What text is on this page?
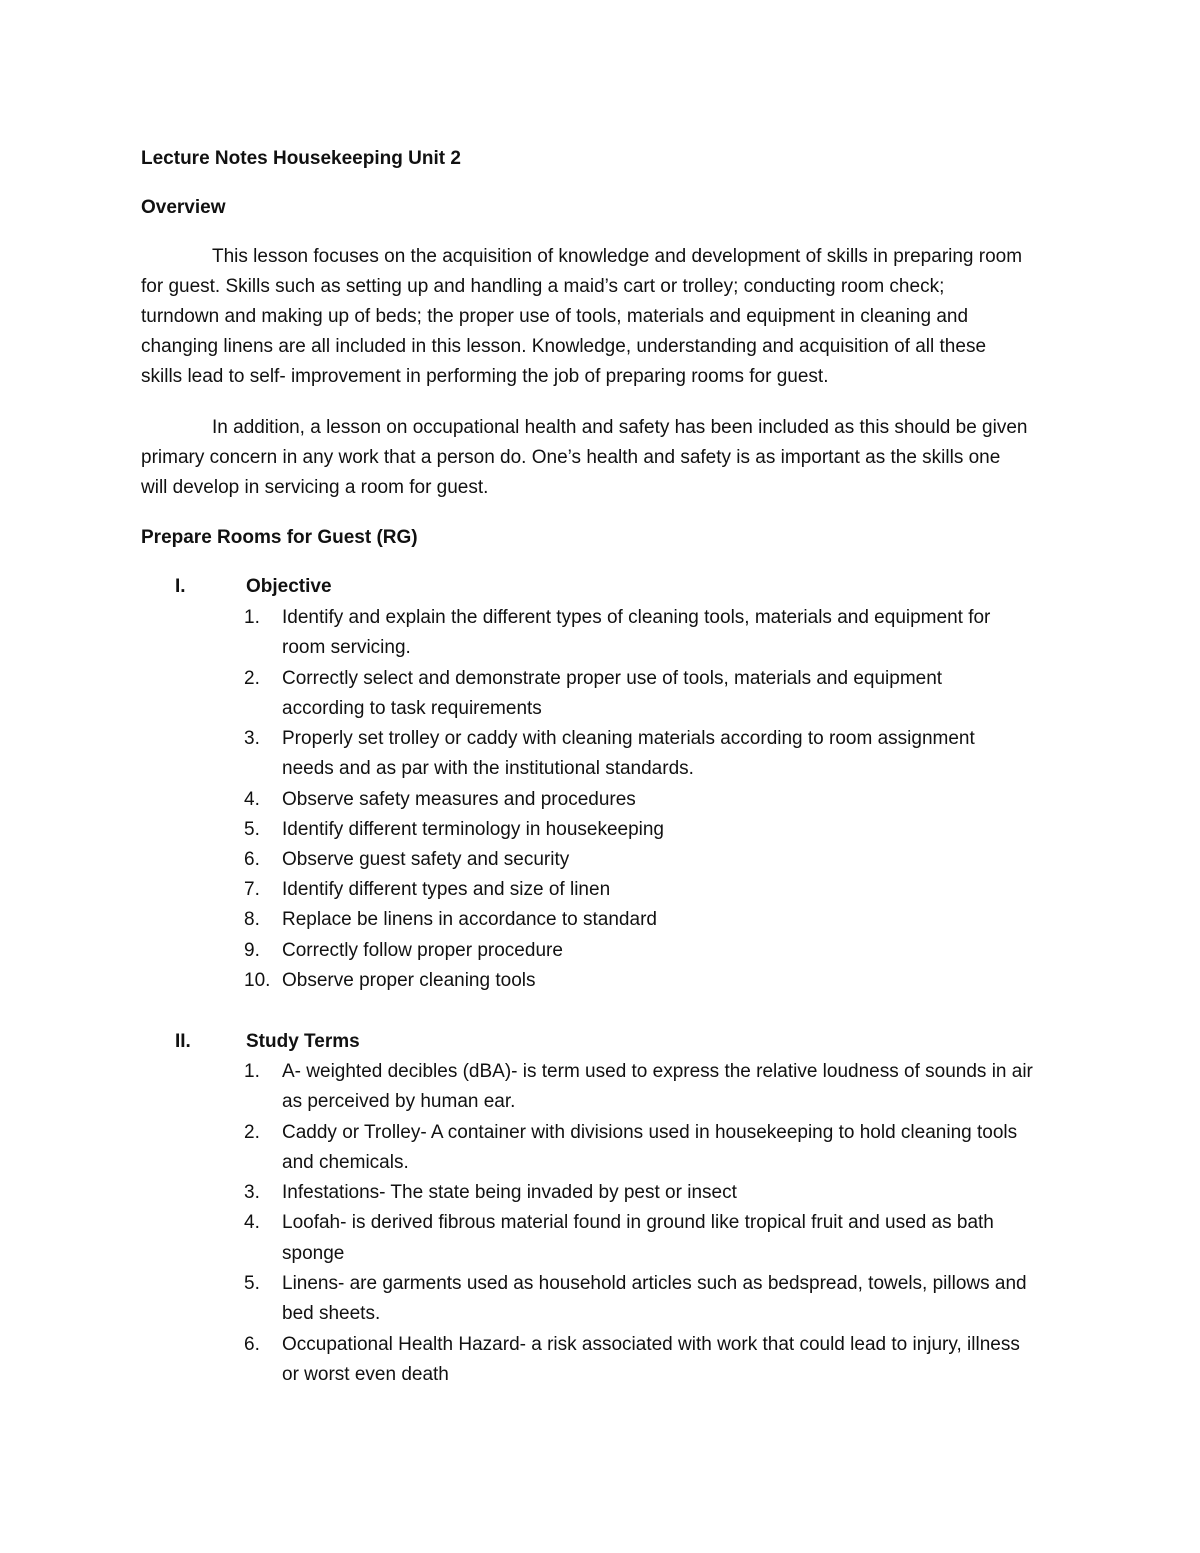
Lecture Notes Housekeeping Unit 2
Overview
This lesson focuses on the acquisition of knowledge and development of skills in preparing room
for guest. Skills such as setting up and handling a maid’s cart or trolley; conducting room check;
turndown and making up of beds; the proper use of tools, materials and equipment in cleaning and
changing linens are all included in this lesson. Knowledge, understanding and acquisition of all these
skills lead to self- improvement in performing the job of preparing rooms for guest.
In addition, a lesson on occupational health and safety has been included as this should be given
primary concern in any work that a person do. One’s health and safety is as important as the skills one
will develop in servicing a room for guest.
Prepare Rooms for Guest (RG)
I.	Objective
1. Identify and explain the different types of cleaning tools, materials and equipment for
room servicing.
2. Correctly select and demonstrate proper use of tools, materials and equipment
according to task requirements
3. Properly set trolley or caddy with cleaning materials according to room assignment
needs and as par with the institutional standards.
4. Observe safety measures and procedures
5. Identify different terminology in housekeeping
6. Observe guest safety and security
7. Identify different types and size of linen
8. Replace be linens in accordance to standard
9. Correctly follow proper procedure
10. Observe proper cleaning tools
II.	Study Terms
1. A- weighted decibles (dBA)- is term used to express the relative loudness of sounds in air
as perceived by human ear.
2. Caddy or Trolley- A container with divisions used in housekeeping to hold cleaning tools
and chemicals.
3. Infestations- The state being invaded by pest or insect
4. Loofah- is derived fibrous material found in ground like tropical fruit and used as bath
sponge
5. Linens- are garments used as household articles such as bedspread, towels, pillows and
bed sheets.
6. Occupational Health Hazard- a risk associated with work that could lead to injury, illness
or worst even death
